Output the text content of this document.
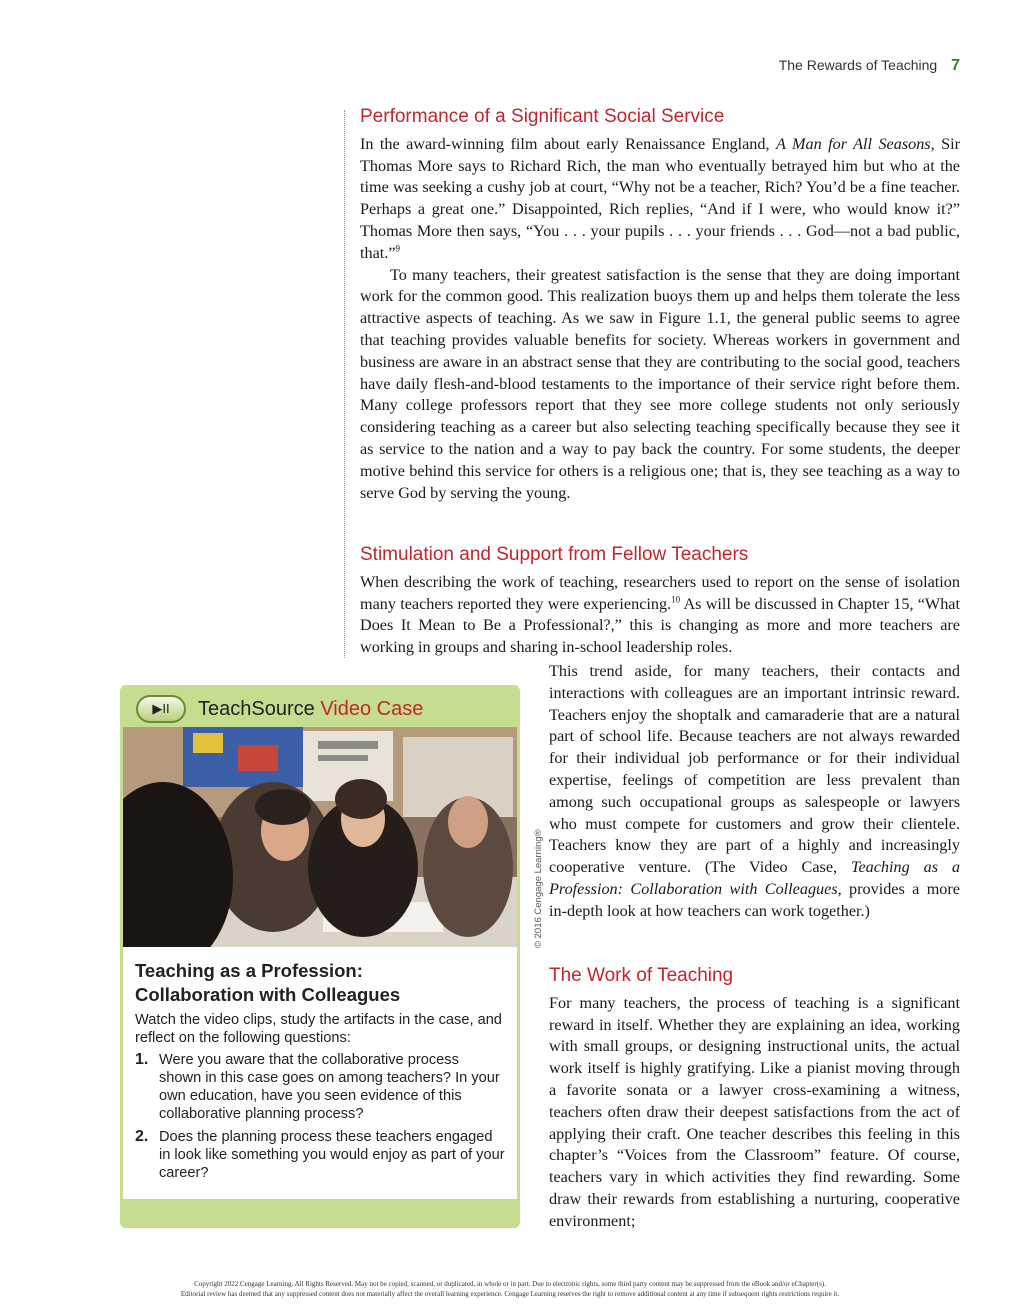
The Rewards of Teaching 7
Performance of a Significant Social Service

In the award-winning film about early Renaissance England, A Man for All Seasons, Sir Thomas More says to Richard Rich, the man who eventually betrayed him but who at the time was seeking a cushy job at court, “Why not be a teacher, Rich? You’d be a fine teacher. Perhaps a great one.” Disappointed, Rich replies, “And if I were, who would know it?” Thomas More then says, “You . . . your pupils . . . your friends . . . God—not a bad public, that.”$^9$

To many teachers, their greatest satisfaction is the sense that they are doing important work for the common good. This realization buoys them up and helps them tolerate the less attractive aspects of teaching. As we saw in Figure 1.1, the general public seems to agree that teaching provides valuable benefits for society. Whereas workers in government and business are aware in an abstract sense that they are contributing to the social good, teachers have daily flesh-and-blood testaments to the importance of their service right before them. Many college professors report that they see more college students not only seriously considering teaching as a career but also selecting teaching specifically because they see it as service to the nation and a way to pay back the country. For some students, the deeper motive behind this service for others is a religious one; that is, they see teaching as a way to serve God by serving the young.

Stimulation and Support from Fellow Teachers

When describing the work of teaching, researchers used to report on the sense of isolation many teachers reported they were experiencing.$^{10}$ As will be discussed in Chapter 15, “What Does It Mean to Be a Professional?,” this is changing as more and more teachers are working in groups and sharing in-school leadership roles.

This trend aside, for many teachers, their contacts and interactions with colleagues are an important intrinsic reward. Teachers enjoy the shoptalk and camaraderie that are a natural part of school life. Because teachers are not always rewarded for their individual job performance or for their individual expertise, feelings of competition are less prevalent than among such occupational groups as salespeople or lawyers who must compete for customers and grow their clientele. Teachers know they are part of a highly and increasingly cooperative venture. (The Video Case, Teaching as a Profession: Collaboration with Colleagues, provides a more in-depth look at how teachers can work together.)

The Work of Teaching

For many teachers, the process of teaching is a significant reward in itself. Whether they are explaining an idea, working with small groups, or designing instructional units, the actual work itself is highly gratifying. Like a pianist moving through a favorite sonata or a lawyer cross-examining a witness, teachers often draw their deepest satisfactions from the act of applying their craft. One teacher describes this feeling in this chapter’s “Voices from the Classroom” feature. Of course, teachers vary in which activities they find rewarding. Some draw their rewards from establishing a nurturing, cooperative environment;

▶II	TeachSource Video Case

Teaching as a Profession:
Collaboration with Colleagues

Watch the video clips, study the artifacts in the case, and reflect on the following questions:

1. Were you aware that the collaborative process shown in this case goes on among teachers? In your own education, have you seen evidence of this collaborative planning process?
2. Does the planning process these teachers engaged in look like something you would enjoy as part of your career?
© 2016 Cengage Learning®
Copyright 2022 Cengage Learning. All Rights Reserved. May not be copied, scanned, or duplicated, in whole or in part. Due to electronic rights, some third party content may be suppressed from the eBook and/or eChapter(s).
Editorial review has deemed that any suppressed content does not materially affect the overall learning experience. Cengage Learning reserves the right to remove additional content at any time if subsequent rights restrictions require it.
